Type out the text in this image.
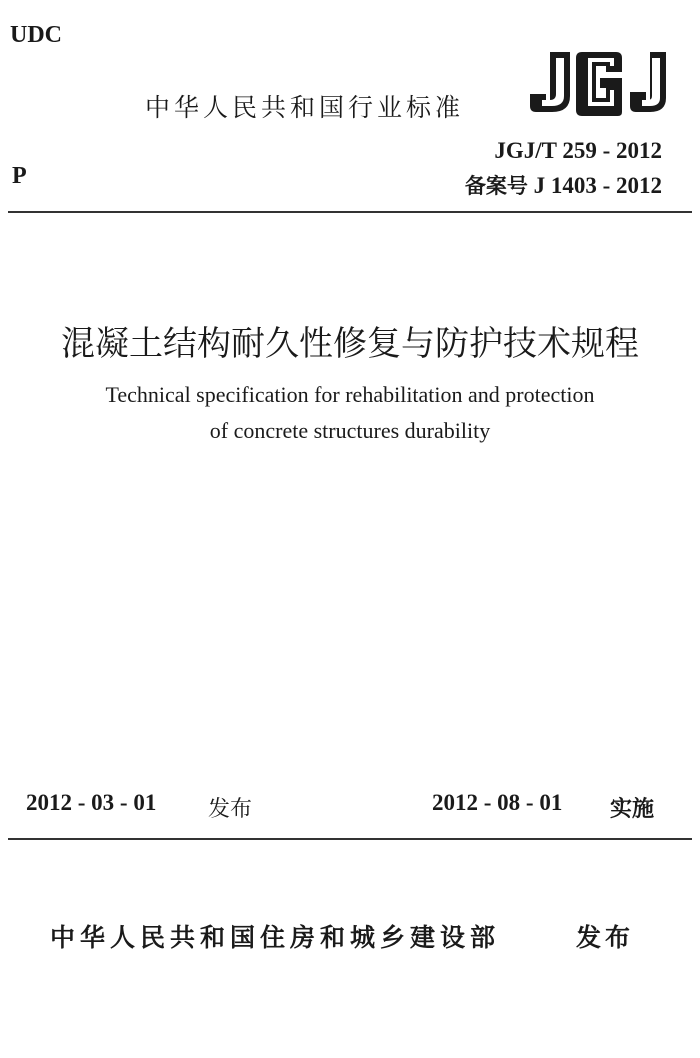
UDC
中华人民共和国行业标准
JGJ
P
JGJ/T 259 - 2012
备案号 J 1403 - 2012
混凝土结构耐久性修复与防护技术规程
Technical specification for rehabilitation and protection
of concrete structures durability
2012 - 03 - 01 发布	2012 - 08 - 01 实施
中华人民共和国住房和城乡建设部	发布
